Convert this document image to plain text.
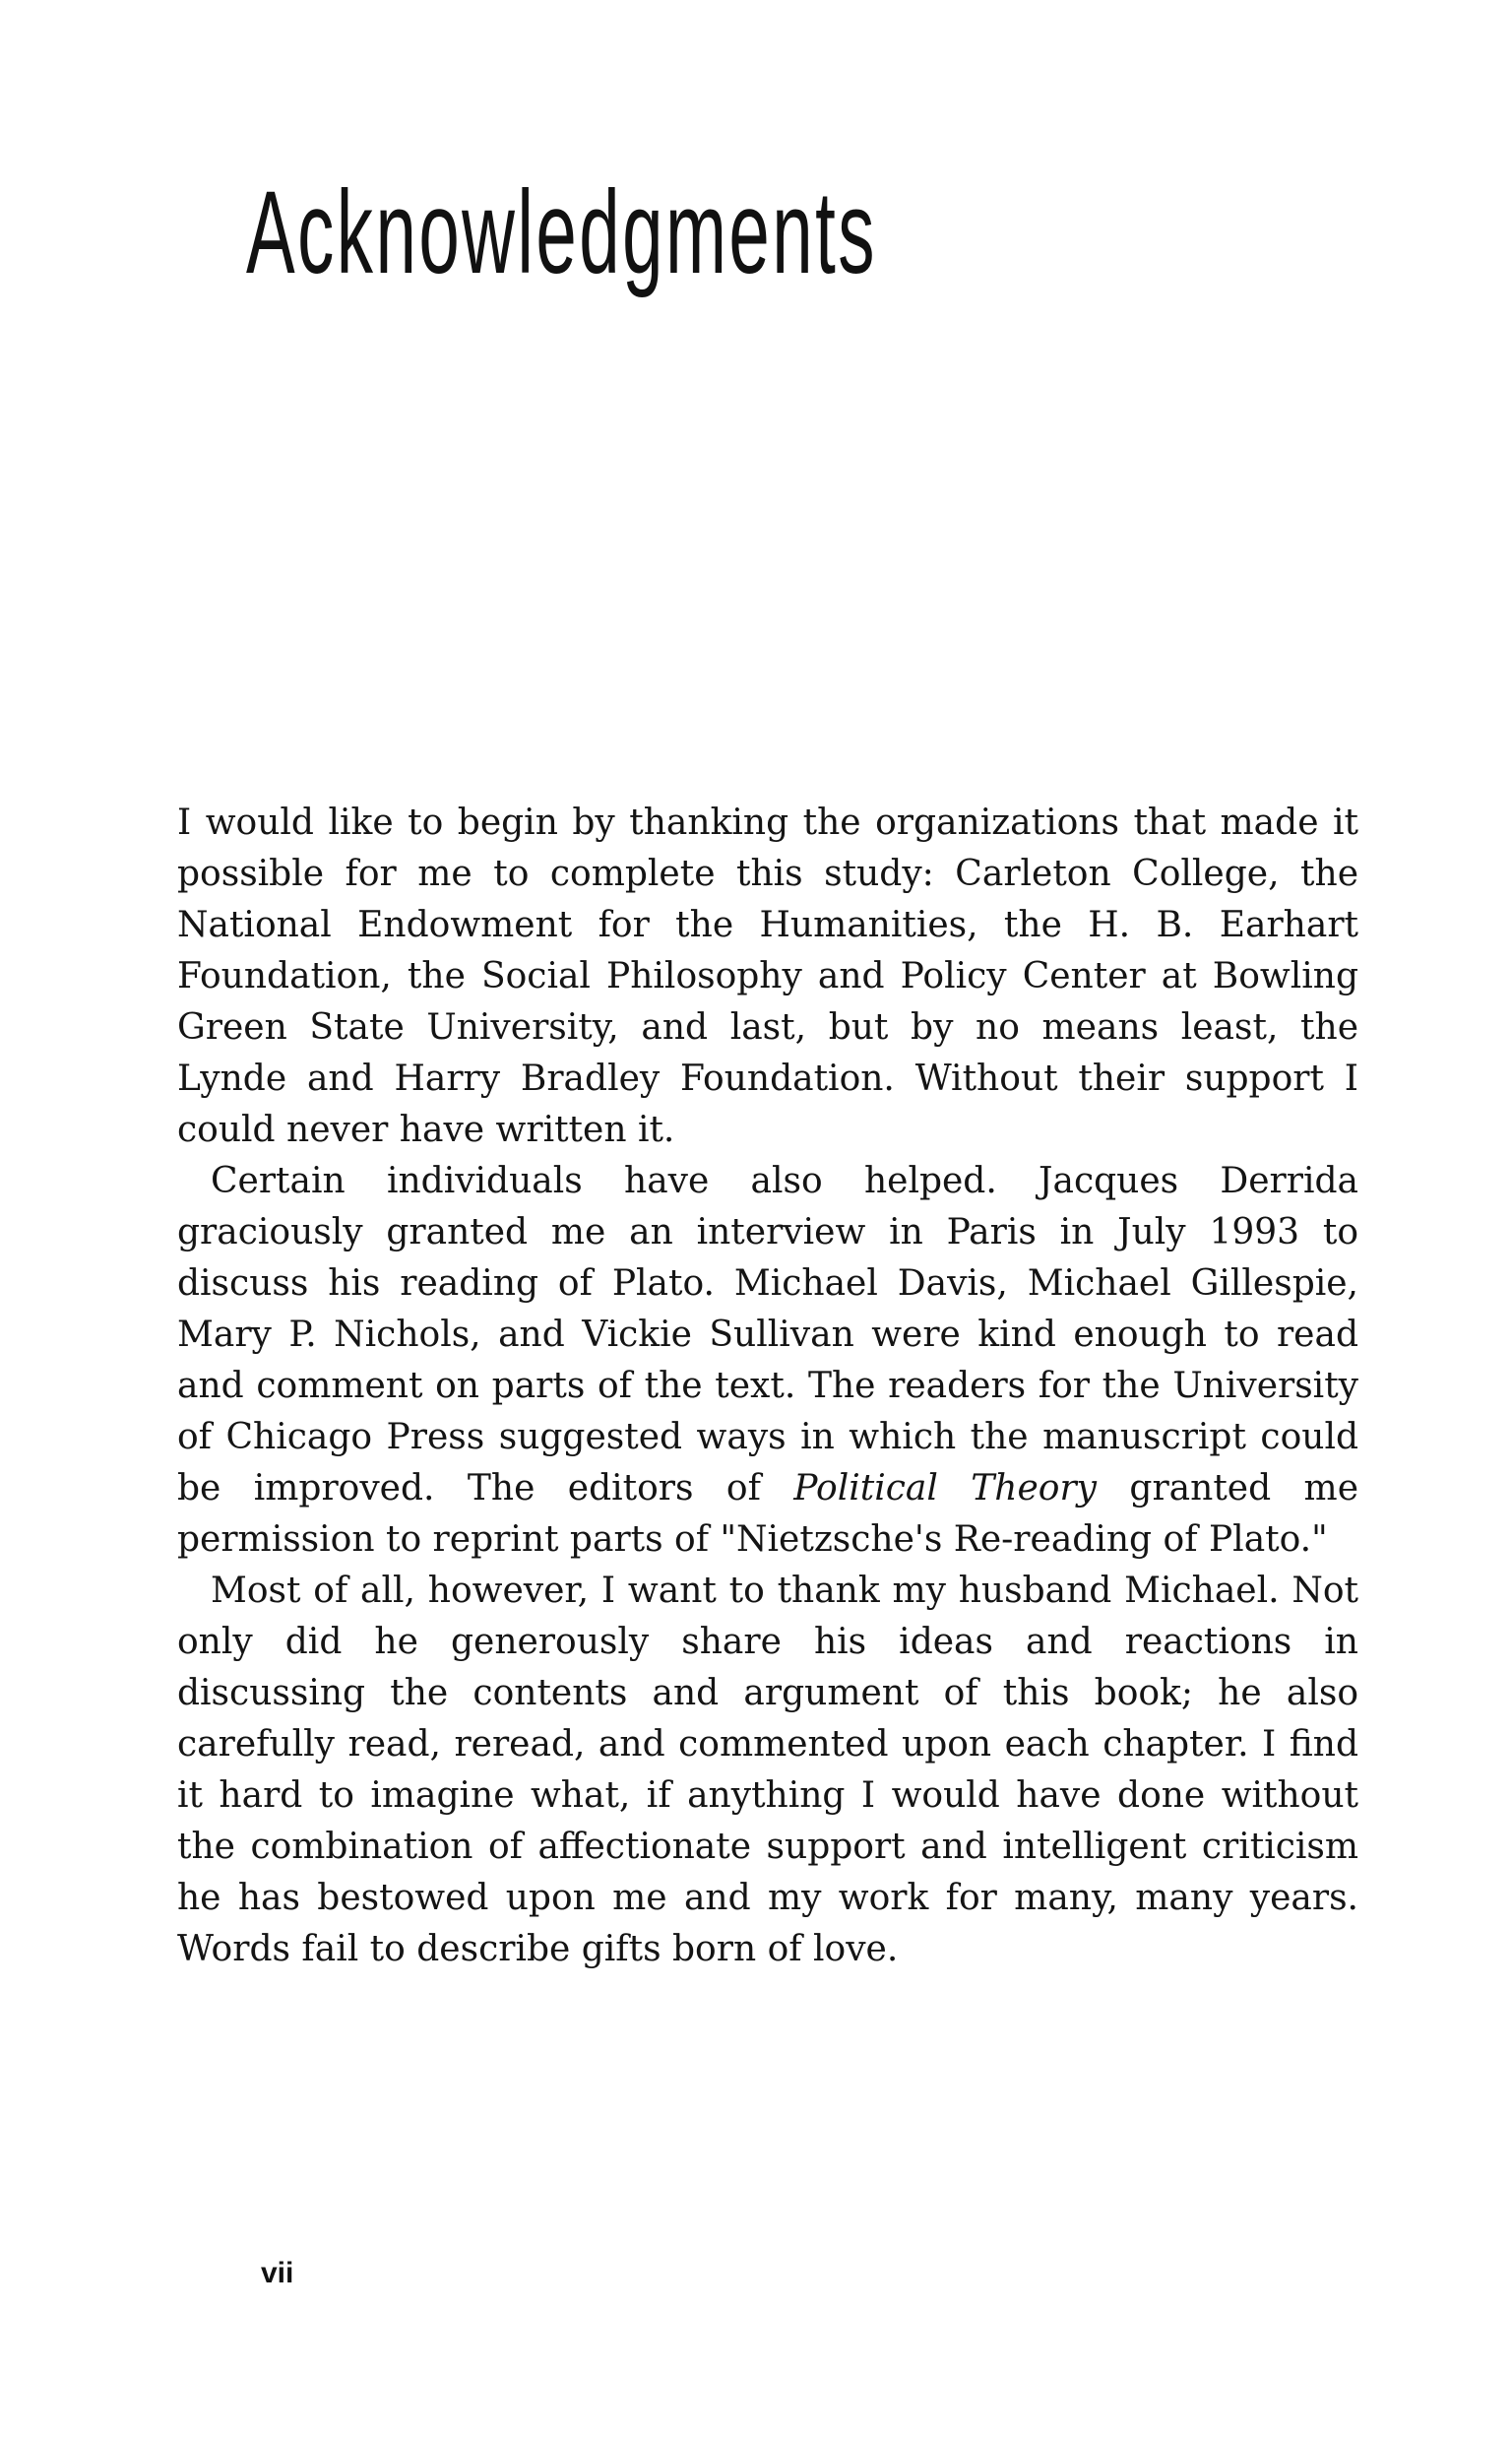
Acknowledgments

I would like to begin by thanking the organizations that made it possible for me to complete this study: Carleton College, the National Endowment for the Humanities, the H. B. Earhart Foundation, the Social Philosophy and Policy Center at Bowling Green State University, and last, but by no means least, the Lynde and Harry Bradley Foundation. Without their support I could never have written it.

Certain individuals have also helped. Jacques Derrida graciously granted me an interview in Paris in July 1993 to discuss his reading of Plato. Michael Davis, Michael Gillespie, Mary P. Nichols, and Vickie Sullivan were kind enough to read and comment on parts of the text. The readers for the University of Chicago Press suggested ways in which the manuscript could be improved. The editors of Political Theory granted me permission to reprint parts of "Nietzsche's Re-reading of Plato."

Most of all, however, I want to thank my husband Michael. Not only did he generously share his ideas and reactions in discussing the contents and argument of this book; he also carefully read, reread, and commented upon each chapter. I find it hard to imagine what, if anything I would have done without the combination of affectionate support and intelligent criticism he has bestowed upon me and my work for many, many years. Words fail to describe gifts born of love.

vii
